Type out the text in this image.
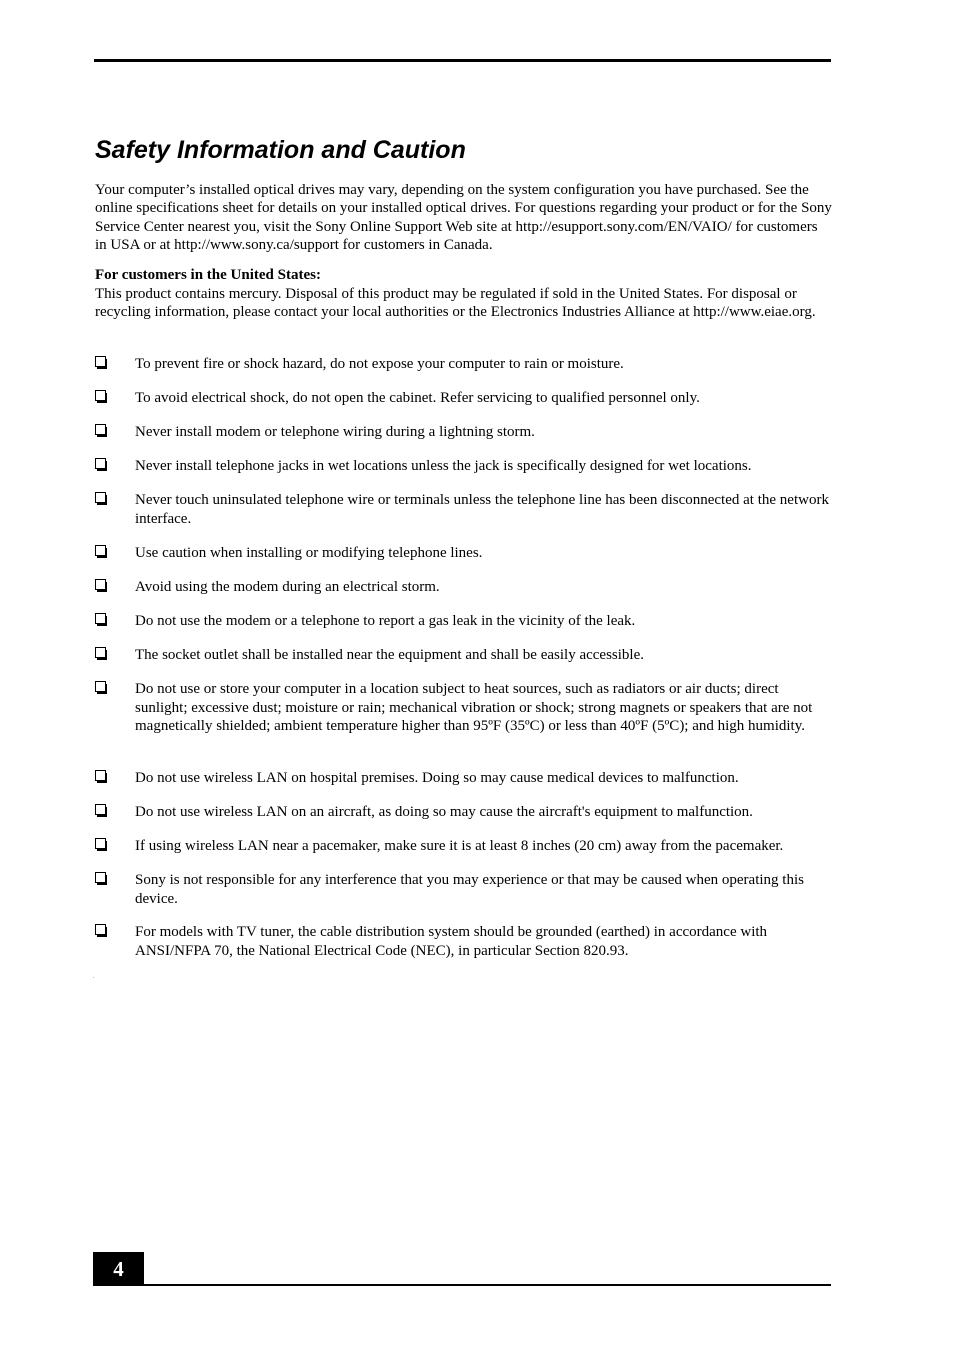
Safety Information and Caution

Your computer’s installed optical drives may vary, depending on the system configuration you have purchased. See the online specifications sheet for details on your installed optical drives. For questions regarding your product or for the Sony Service Center nearest you, visit the Sony Online Support Web site at http://esupport.sony.com/EN/VAIO/ for customers in USA or at http://www.sony.ca/support for customers in Canada.

For customers in the United States:

This product contains mercury. Disposal of this product may be regulated if sold in the United States. For disposal or recycling information, please contact your local authorities or the Electronics Industries Alliance at http://www.eiae.org.

To prevent fire or shock hazard, do not expose your computer to rain or moisture.
To avoid electrical shock, do not open the cabinet. Refer servicing to qualified personnel only.
Never install modem or telephone wiring during a lightning storm.
Never install telephone jacks in wet locations unless the jack is specifically designed for wet locations.
Never touch uninsulated telephone wire or terminals unless the telephone line has been disconnected at the network interface.
Use caution when installing or modifying telephone lines.
Avoid using the modem during an electrical storm.
Do not use the modem or a telephone to report a gas leak in the vicinity of the leak.
The socket outlet shall be installed near the equipment and shall be easily accessible.
Do not use or store your computer in a location subject to heat sources, such as radiators or air ducts; direct sunlight; excessive dust; moisture or rain; mechanical vibration or shock; strong magnets or speakers that are not magnetically shielded; ambient temperature higher than 95ºF (35ºC) or less than 40ºF (5ºC); and high humidity.
Do not use wireless LAN on hospital premises. Doing so may cause medical devices to malfunction.
Do not use wireless LAN on an aircraft, as doing so may cause the aircraft's equipment to malfunction.
If using wireless LAN near a pacemaker, make sure it is at least 8 inches (20 cm) away from the pacemaker.
Sony is not responsible for any interference that you may experience or that may be caused when operating this device.
For models with TV tuner, the cable distribution system should be grounded (earthed) in accordance with ANSI/NFPA 70, the National Electrical Code (NEC), in particular Section 820.93.
4
